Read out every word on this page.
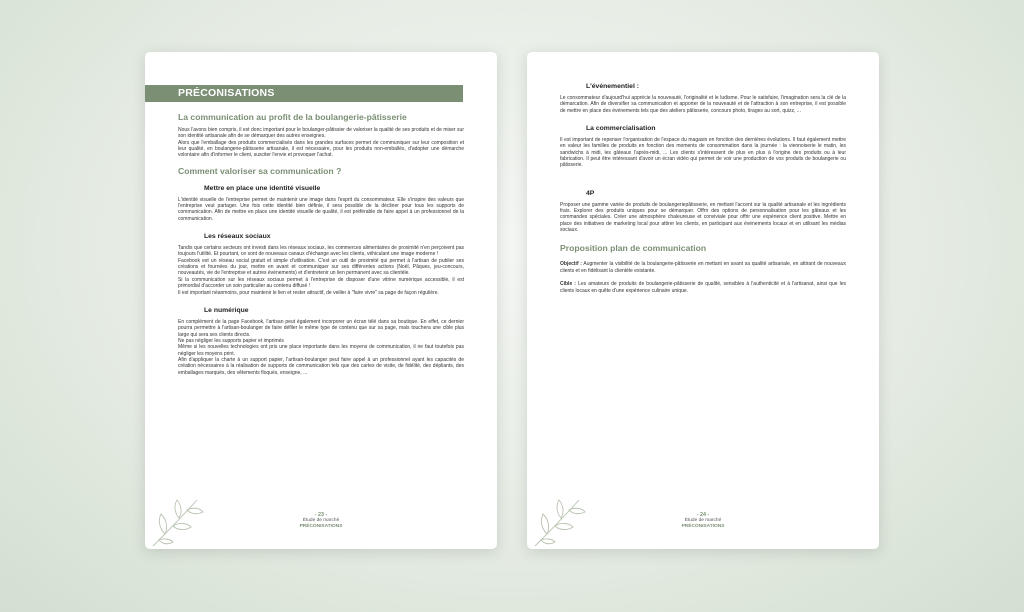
PRÉCONISATIONS
La communication au profit de la boulangerie-pâtisserie

Nous l'avons bien compris, il est donc important pour le boulanger-pâtissier de valoriser la qualité de ses produits et de miser sur son identité artisanale afin de se démarquer des autres enseignes.

Alors que l'emballage des produits commercialisés dans les grandes surfaces permet de communiquer sur leur composition et leur qualité, en boulangerie-pâtisserie artisanale, il est nécessaire, pour les produits non-emballés, d'adopter une démarche volontaire afin d'informer le client, susciter l'envie et provoquer l'achat.

Comment valoriser sa communication ?
Mettre en place une identité visuelle

L'identité visuelle de l'entreprise permet de maintenir une image dans l'esprit du consommateur. Elle s'inspire des valeurs que l'entreprise veut partager. Une fois cette identité bien définie, il sera possible de la décliner pour tous les supports de communication. Afin de mettre en place une identité visuelle de qualité, il est préférable de faire appel à un professionnel de la communication.

Les réseaux sociaux

Tandis que certains secteurs ont investi dans les réseaux sociaux, les commerces alimentaires de proximité n'en perçoivent pas toujours l'utilité. Et pourtant, ce sont de nouveaux canaux d'échange avec les clients, véhiculant une image moderne !

Facebook est un réseau social gratuit et simple d'utilisation. C'est un outil de proximité qui permet à l'artisan de publier ses créations et fournées du jour, mettre en avant et communiquer sur ses différentes actions (Noël, Pâques, jeu-concours, nouveautés, vie de l'entreprise et autres événements) et d'entretenir un lien permanent avec sa clientèle.

Si la communication sur les réseaux sociaux permet à l'entreprise de disposer d'une vitrine numérique accessible, il est primordial d'accorder un soin particulier au contenu diffusé !

Il est important néanmoins, pour maintenir le lien et rester attractif, de veiller à "faire vivre" sa page de façon régulière.

Le numérique

En complément de la page Facebook, l'artisan peut également incorporer un écran télé dans sa boutique. En effet, ce dernier pourra permettre à l'artisan-boulanger de faire défiler le même type de contenu que sur sa page, mais touchera une cible plus large qui sera ses clients directs.

Ne pas négliger les supports papier et imprimés

Même si les nouvelles technologies ont pris une place importante dans les moyens de communication, il ne faut toutefois pas négliger les moyens print.

Afin d'appliquer la charte à un support papier, l'artisan-boulanger peut faire appel à un professionnel ayant les capacités de création nécessaires à la réalisation de supports de communication tels que des cartes de visite, de fidélité, des dépliants, des emballages marqués, des vêtements floqués, enseigne, ...

- 23 -
Étude de marché
PRÉCONISATIONS
L'événementiel :

Le consommateur d'aujourd'hui apprécie la nouveauté, l'originalité et le ludisme. Pour le satisfaire, l'imagination sera la clé de la démarcation. Afin de diversifier sa communication et apporter de la nouveauté et de l'attraction à son entreprise, il est possible de mettre en place des événements tels que des ateliers pâtisserie, concours photo, tirages au sort, quizz, ...

La commercialisation

Il est important de repenser l'organisation de l'espace du magasin en fonction des dernières évolutions. Il faut également mettre en valeur les familles de produits en fonction des moments de consommation dans la journée : la viennoiserie le matin, les sandwichs à midi, les gâteaux l'après-midi, ... Les clients s'intéressent de plus en plus à l'origine des produits ou à leur fabrication. Il peut être intéressant d'avoir un écran vidéo qui permet de voir une production de vos produits de boulangerie ou pâtisserie.

4P

Proposer une gamme variée de produits de boulangeriepâtisserie, en mettant l'accent sur la qualité artisanale et les ingrédients frais. Explorer des produits uniques pour se démarquer. Offrir des options de personnalisation pour les gâteaux et les commandes spéciales. Créer une atmosphère chaleureuse et conviviale pour offrir une expérience client positive. Mettre en place des initiatives de marketing local pour attirer les clients, en participant aux événements locaux et en utilisant les médias sociaux.

Proposition plan de communication

Objectif : Augmenter la visibilité de la boulangerie-pâtisserie en mettant en avant sa qualité artisanale, en attirant de nouveaux clients et en fidélisant la clientèle existante.

Cible : Les amateurs de produits de boulangerie-pâtisserie de qualité, sensibles à l'authenticité et à l'artisanat, ainsi que les clients locaux en quête d'une expérience culinaire unique.

- 24 -
Étude de marché
PRÉCONISATIONS
